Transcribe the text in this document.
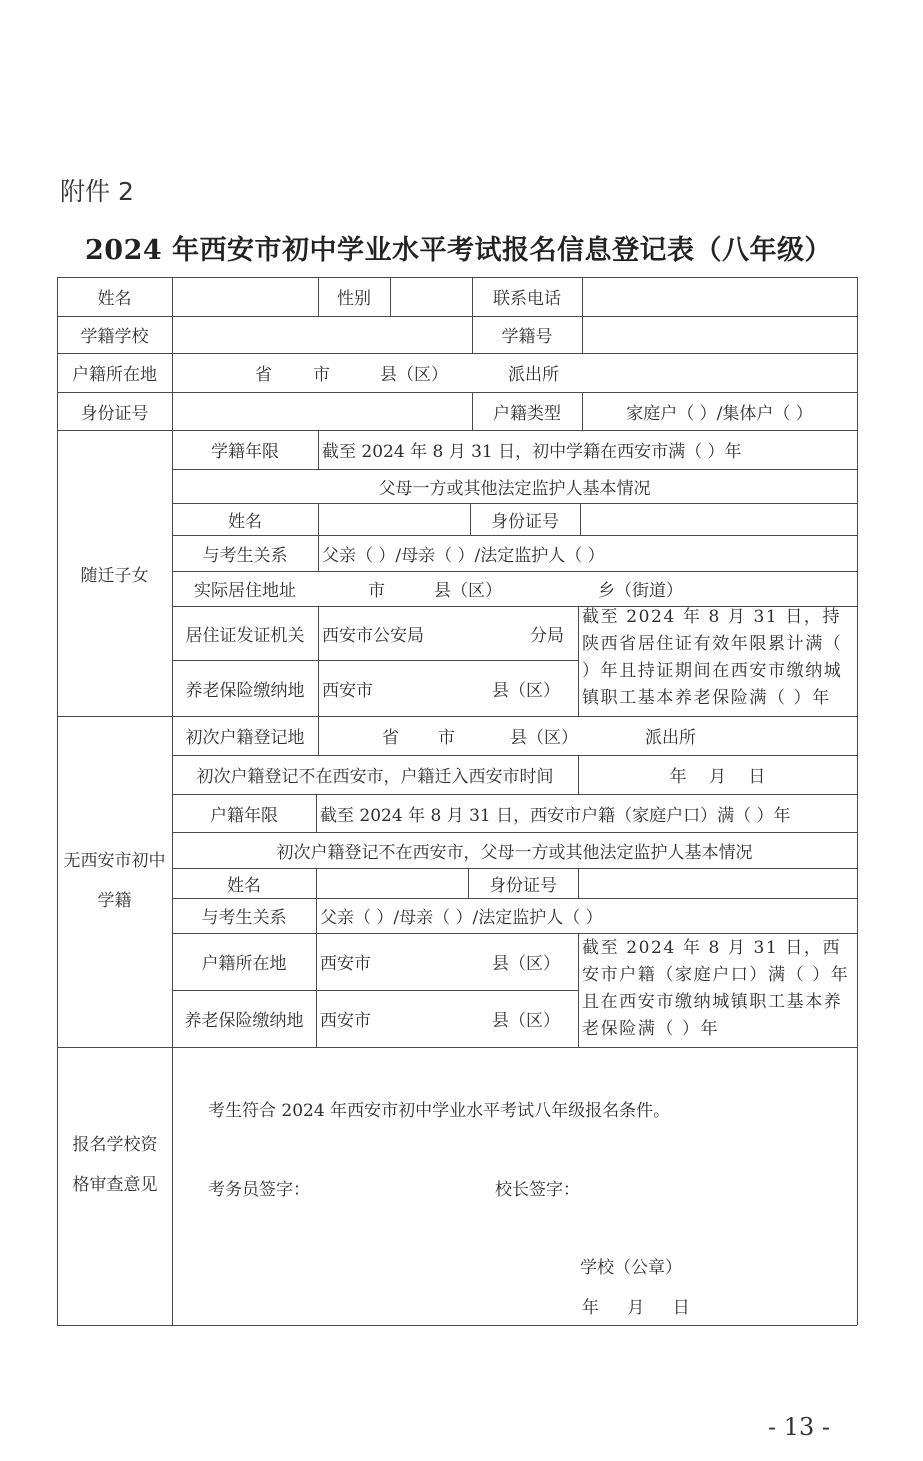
附件 2
2024 年西安市初中学业水平考试报名信息登记表（八年级）
姓名	性别	联系电话
学籍学校	学籍号
户籍所在地	省 市	县（区）	派出所
身份证号	户籍类型	家庭户（ ）/集体户（ ）
随迁子女
学籍年限	截至 2024 年 8 月 31 日，初中学籍在西安市满（ ）年
父母一方或其他法定监护人基本情况
姓名	身份证号
与考生关系	父亲（ ）/母亲（ ）/法定监护人（ ）
实际居住地址	市	县（区）	乡（街道）
居住证发证机关	西安市公安局	分局
养老保险缴纳地	西安市	县（区）
截至 2024 年 8 月 31 日，持陕西省居住证有效年限累计满（ ）年且持证期间在西安市缴纳城镇职工基本养老保险满（ ）年
无西安市初中学籍
初次户籍登记地	省 市	县（区）	派出所
初次户籍登记不在西安市，户籍迁入西安市时间	年　 月　 日
户籍年限	截至 2024 年 8 月 31 日，西安市户籍（家庭户口）满（ ）年
初次户籍登记不在西安市，父母一方或其他法定监护人基本情况
姓名	身份证号
与考生关系	父亲（ ）/母亲（ ）/法定监护人（ ）
户籍所在地	西安市	县（区）
养老保险缴纳地 西安市	县（区）
截至 2024 年 8 月 31 日，西安市户籍（家庭户口）满（ ）年且在西安市缴纳城镇职工基本养老保险满（ ）年
报名学校资格审查意见
考生符合 2024 年西安市初中学业水平考试八年级报名条件。
考务员签字：	校长签字：
学校（公章）
年　 月　 日
- 13 -
